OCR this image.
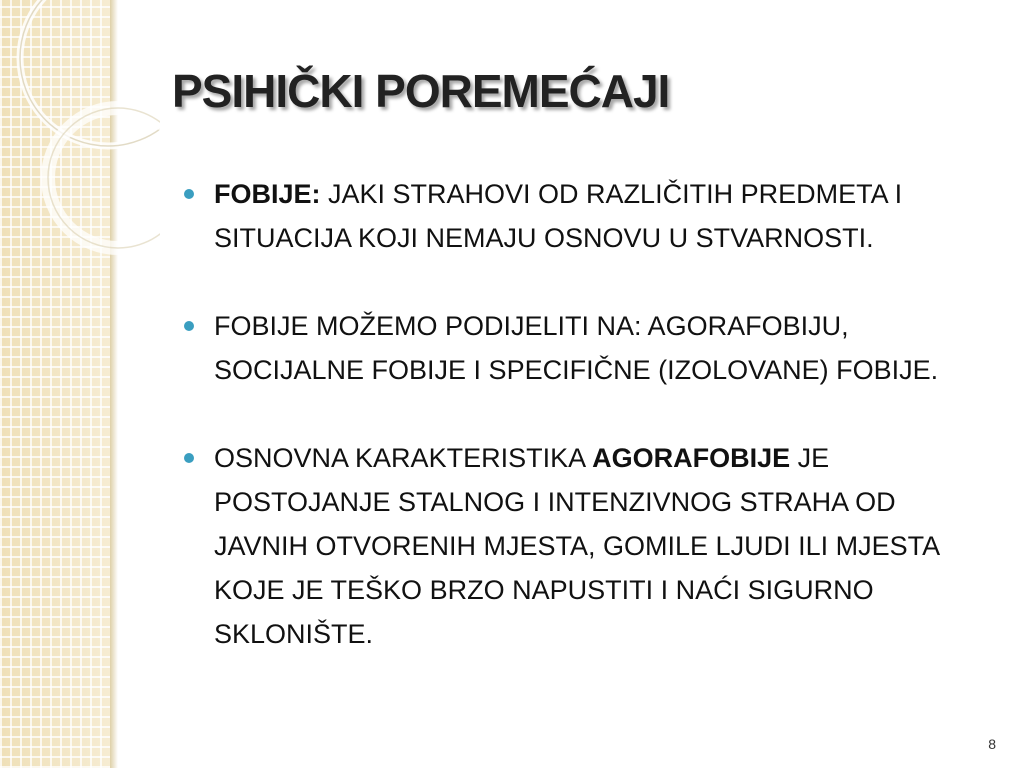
PSIHIČKI POREMEĆAJI
FOBIJE: JAKI STRAHOVI OD RAZLIČITIH PREDMETA I SITUACIJA KOJI NEMAJU OSNOVU U STVARNOSTI.
FOBIJE MOŽEMO PODIJELITI NA: AGORAFOBIJU, SOCIJALNE FOBIJE I SPECIFIČNE (IZOLOVANE) FOBIJE.
OSNOVNA KARAKTERISTIKA AGORAFOBIJE JE POSTOJANJE STALNOG I INTENZIVNOG STRAHA OD JAVNIH OTVORENIH MJESTA, GOMILE LJUDI ILI MJESTA KOJE JE TEŠKO BRZO NAPUSTITI I NAĆI SIGURNO SKLONIŠTE.
8
